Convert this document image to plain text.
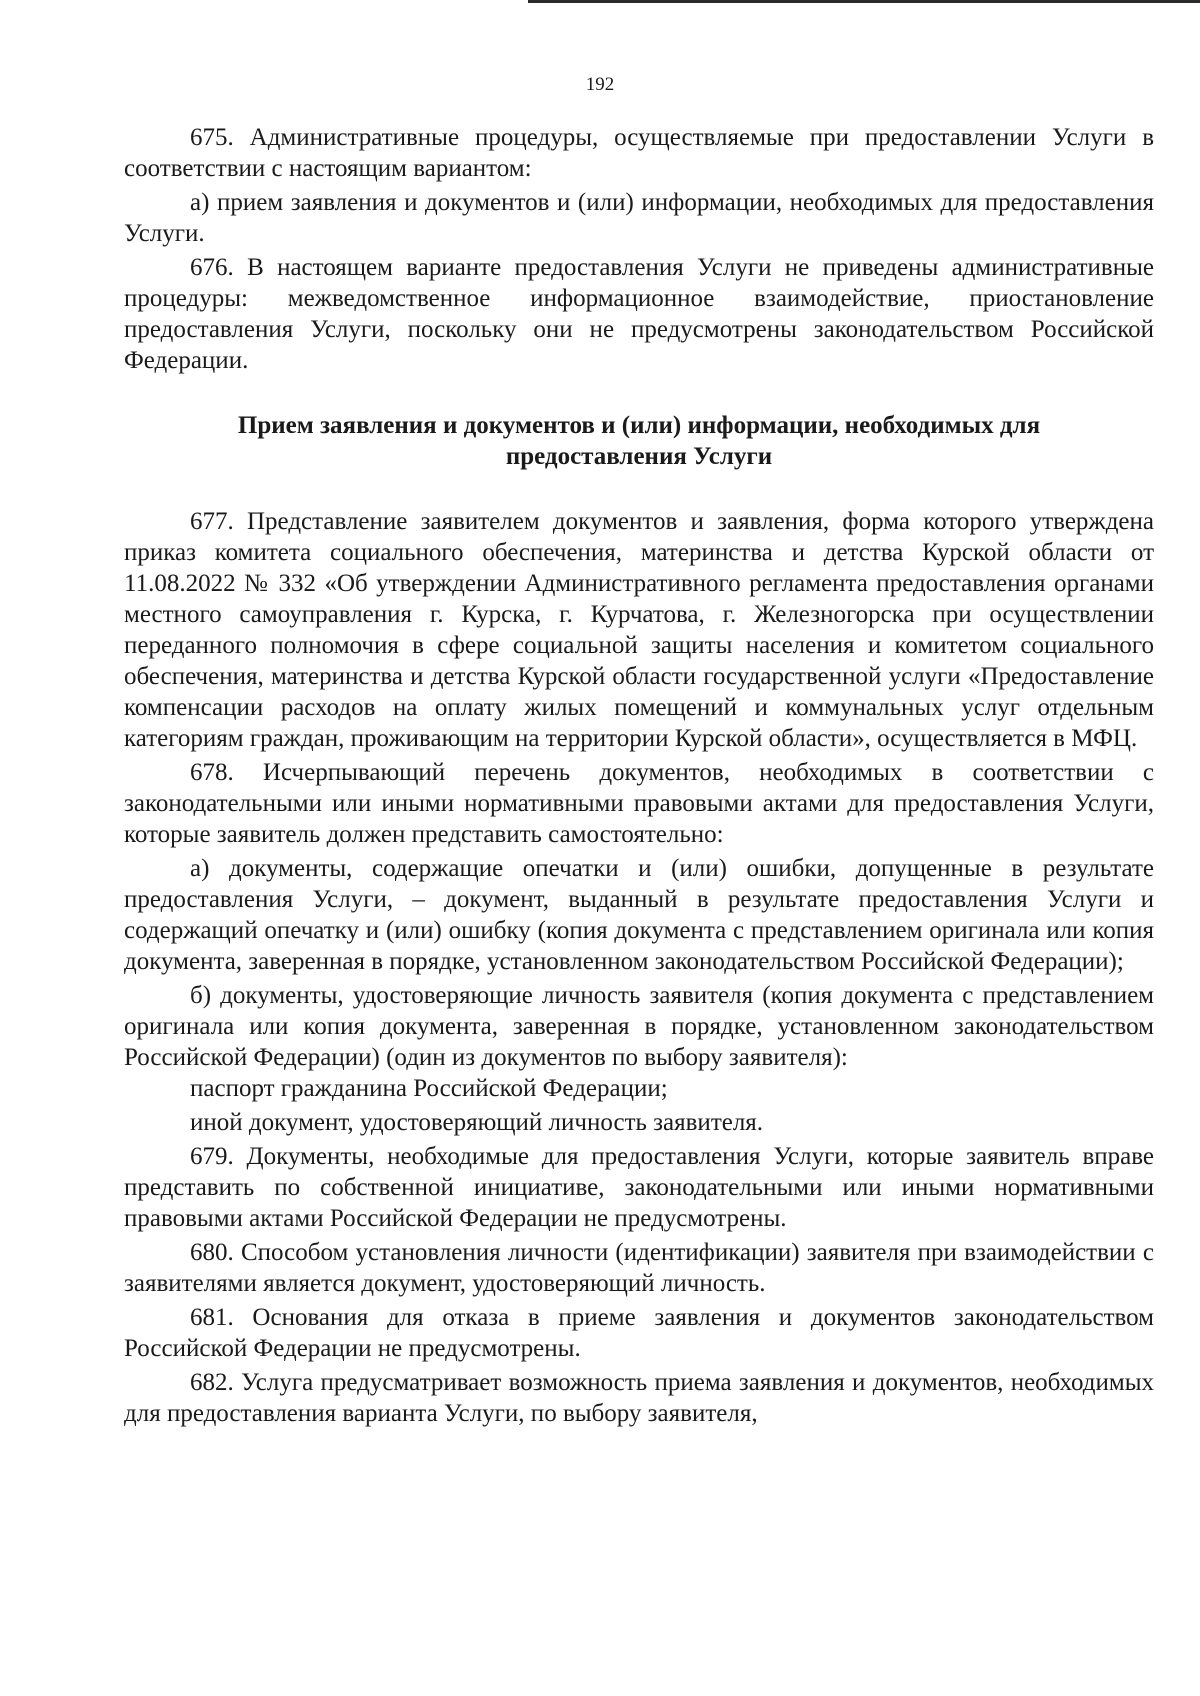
192

675. Административные процедуры, осуществляемые при предоставлении Услуги в соответствии с настоящим вариантом:

а) прием заявления и документов и (или) информации, необходимых для предоставления Услуги.

676. В настоящем варианте предоставления Услуги не приведены административные процедуры: межведомственное информационное взаимодействие, приостановление предоставления Услуги, поскольку они не предусмотрены законодательством Российской Федерации.

Прием заявления и документов и (или) информации, необходимых для предоставления Услуги

677. Представление заявителем документов и заявления, форма которого утверждена приказ комитета социального обеспечения, материнства и детства Курской области от 11.08.2022 № 332 «Об утверждении Административного регламента предоставления органами местного самоуправления г. Курска, г. Курчатова, г. Железногорска при осуществлении переданного полномочия в сфере социальной защиты населения и комитетом социального обеспечения, материнства и детства Курской области государственной услуги «Предоставление компенсации расходов на оплату жилых помещений и коммунальных услуг отдельным категориям граждан, проживающим на территории Курской области», осуществляется в МФЦ.

678. Исчерпывающий перечень документов, необходимых в соответствии с законодательными или иными нормативными правовыми актами для предоставления Услуги, которые заявитель должен представить самостоятельно:

а) документы, содержащие опечатки и (или) ошибки, допущенные в результате предоставления Услуги, – документ, выданный в результате предоставления Услуги и содержащий опечатку и (или) ошибку (копия документа с представлением оригинала или копия документа, заверенная в порядке, установленном законодательством Российской Федерации);

б) документы, удостоверяющие личность заявителя (копия документа с представлением оригинала или копия документа, заверенная в порядке, установленном законодательством Российской Федерации) (один из документов по выбору заявителя):

паспорт гражданина Российской Федерации;

иной документ, удостоверяющий личность заявителя.

679. Документы, необходимые для предоставления Услуги, которые заявитель вправе представить по собственной инициативе, законодательными или иными нормативными правовыми актами Российской Федерации не предусмотрены.

680. Способом установления личности (идентификации) заявителя при взаимодействии с заявителями является документ, удостоверяющий личность.

681. Основания для отказа в приеме заявления и документов законодательством Российской Федерации не предусмотрены.

682. Услуга предусматривает возможность приема заявления и документов, необходимых для предоставления варианта Услуги, по выбору заявителя,
